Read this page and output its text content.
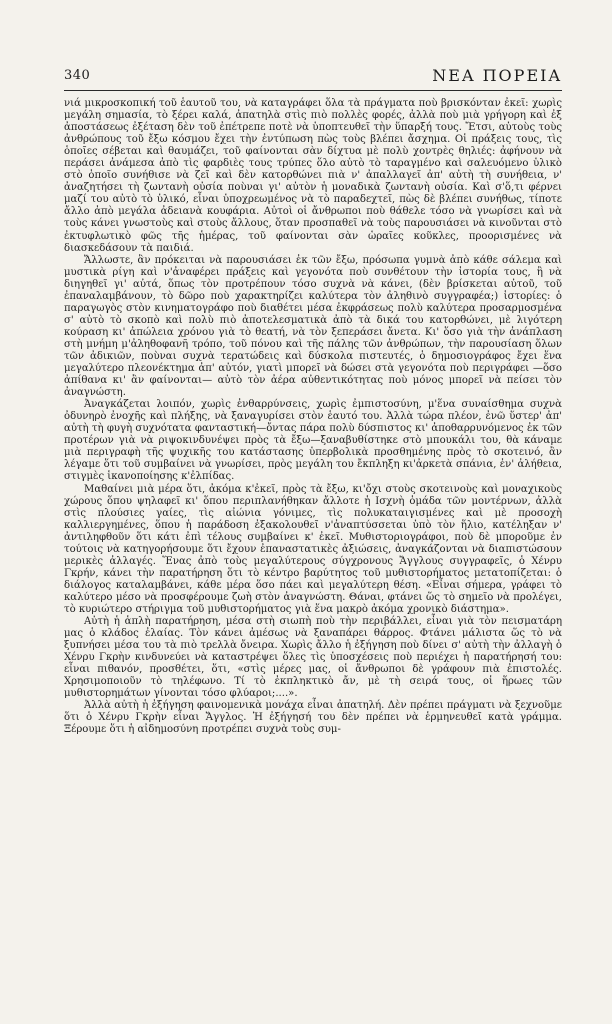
340	ΝΕΑ ΠΟΡΕΙΑ

νιά μικροσκοπική τοῦ ἑαυτοῦ του, νὰ καταγράφει ὅλα τὰ πράγματα ποὺ βρισκόνταν ἐκεῖ: χωρὶς μεγάλη σημασία, τὸ ξέρει καλά, ἀπατηλὰ στὶς πιὸ πολλὲς φορές, ἀλλὰ ποὺ μιὰ γρήγορη καὶ ἐξ ἀποστάσεως ἐξέταση δὲν τοῦ ἐπέτρεπε ποτὲ νὰ ὑποπτευθεῖ τὴν ὕπαρξή τους. Ἔτσι, αὐτοὺς τοὺς ἀνθρώπους τοῦ ἔξω κόσμου ἔχει τὴν ἐντύπωση πὼς τοὺς βλέπει ἄσχημα. Οἱ πράξεις τους, τὶς ὁποῖες σέβεται καὶ θαυμάζει, τοῦ φαίνονται σὰν δίχτυα μὲ πολὺ χοντρὲς θηλιές: ἀφήνουν νὰ περάσει ἀνάμεσα ἀπὸ τὶς φαρδιὲς τους τρύπες ὅλο αὐτὸ τὸ ταραγμένο καὶ σαλευόμενο ὑλικὸ στὸ ὁποῖο συνήθισε νὰ ζεῖ καὶ δὲν κατορθώνει πιὰ ν' ἀπαλλαγεῖ ἀπ' αὐτὴ τὴ συνήθεια, ν' ἀναζητήσει τὴ ζωντανὴ οὐσία ποὺναι γι' αὐτὸν ἡ μοναδικὰ ζωντανὴ οὐσία. Καὶ σ'ὅ,τι φέρνει μαζί του αὐτὸ τὸ ὑλικό, εἶναι ὑποχρεωμένος νὰ τὸ παραδεχτεῖ, πὼς δὲ βλέπει συνήθως, τίποτε ἄλλο ἀπὸ μεγάλα ἀδειανὰ κουφάρια. Αὐτοὶ οἱ ἄνθρωποι ποὺ θάθελε τόσο νὰ γνωρίσει καὶ νὰ τοὺς κάνει γνωστοὺς καὶ στοὺς ἄλλους, ὅταν προσπαθεῖ νὰ τοὺς παρουσιάσει νὰ κινοῦνται στὸ ἐκτυφλωτικὸ φῶς τῆς ἡμέρας, τοῦ φαίνονται σὰν ὡραῖες κοῦκλες, προορισμένες νὰ διασκεδάσουν τὰ παιδιά.

Ἄλλωστε, ἂν πρόκειται νὰ παρουσιάσει ἐκ τῶν ἔξω, πρόσωπα γυμνὰ ἀπὸ κάθε σάλεμα καὶ μυστικὰ ρίγη καὶ ν'ἀναφέρει πράξεις καὶ γεγονότα ποὺ συνθέτουν τὴν ἱστορία τους, ἢ νὰ διηγηθεῖ γι' αὐτά, ὅπως τὸν προτρέπουν τόσο συχνὰ νὰ κάνει, (δὲν βρίσκεται αὐτοῦ, τοῦ ἐπαναλαμβάνουν, τὸ δῶρο ποὺ χαρακτηρίζει καλύτερα τὸν ἀληθινὸ συγγραφέα;) ἱστορίες: ὁ παραγωγὸς στὸν κινηματογράφο ποὺ διαθέτει μέσα ἐκφράσεως πολὺ καλύτερα προσαρμοσμένα σ' αὐτὸ τὸ σκοπὸ καὶ πολὺ πιὸ ἀποτελεσματικὰ ἀπὸ τὰ δικά του κατορθώνει, μὲ λιγότερη κούραση κι' ἀπώλεια χρόνου γιὰ τὸ θεατή, νὰ τὸν ξεπεράσει ἄνετα. Κι' ὅσο γιὰ τὴν ἀνάπλαση στὴ μνήμη μ'ἀληθοφανῆ τρόπο, τοῦ πόνου καὶ τῆς πάλης τῶν ἀνθρώπων, τὴν παρουσίαση ὅλων τῶν ἀδικιῶν, ποὺναι συχνὰ τερατώδεις καὶ δύσκολα πιστευτές, ὁ δημοσιογράφος ἔχει ἕνα μεγαλύτερο πλεονέκτημα ἀπ' αὐτόν, γιατὶ μπορεῖ νὰ δώσει στὰ γεγονότα ποὺ περιγράφει —ὅσο ἀπίθανα κι' ἂν φαίνονται— αὐτὸ τὸν ἀέρα αὐθεντικότητας ποὺ μόνος μπορεῖ νὰ πείσει τὸν ἀναγνώστη.

Ἀναγκάζεται λοιπόν, χωρὶς ἐνθαρρύνσεις, χωρὶς ἐμπιστοσύνη, μ'ἕνα συναίσθημα συχνὰ ὀδυνηρὸ ἐνοχῆς καὶ πλήξης, νὰ ξαναγυρίσει στὸν ἑαυτό του. Ἀλλὰ τώρα πλέον, ἐνῶ ὕστερ' ἀπ' αὐτὴ τὴ φυγὴ συχνότατα φανταστική—ὄντας πάρα πολὺ δύσπιστος κι' ἀποθαρρυνόμενος ἐκ τῶν προτέρων γιὰ νὰ ριψοκινδυνέψει πρὸς τὰ ἔξω—ξαναβυθίστηκε στὸ μπουκάλι του, θὰ κάναμε μιὰ περιγραφὴ τῆς ψυχικῆς του κατάστασης ὑπερβολικὰ προσθημένης πρὸς τὸ σκοτεινό, ἂν λέγαμε ὅτι τοῦ συμβαίνει νὰ γνωρίσει, πρὸς μεγάλη του ἔκπληξη κι'ἀρκετὰ σπάνια, ἐν' ἀλήθεια, στιγμὲς ἱκανοποίησης κ'ἐλπίδας.

Μαθαίνει μιὰ μέρα ὅτι, ἀκόμα κ'ἐκεῖ, πρὸς τὰ ἔξω, κι'ὄχι στοὺς σκοτεινοὺς καὶ μοναχικοὺς χώρους ὅπου ψηλαφεῖ κι' ὅπου περιπλανήθηκαν ἄλλοτε ἡ Ισχνὴ ὁμάδα τῶν μοντέρνων, ἀλλὰ στὶς πλούσιες γαίες, τὶς αἰώνια γόνιμες, τὶς πολυκαταιγισμένες καὶ μὲ προσοχὴ καλλιεργημένες, ὅπου ἡ παράδοση ἐξακολουθεῖ ν'ἀναπτύσσεται ὑπὸ τὸν ἥλιο, κατέληξαν ν' ἀντιληφθοῦν ὅτι κάτι ἐπὶ τέλους συμβαίνει κ' ἐκεῖ. Μυθιστοριογράφοι, ποὺ δὲ μποροῦμε ἐν τούτοις νὰ κατηγορήσουμε ὅτι ἔχουν ἐπαναστατικὲς ἀξιώσεις, ἀναγκάζονται νὰ διαπιστώσουν μερικὲς ἀλλαγές. Ἕνας ἀπὸ τοὺς μεγαλύτερους σύγχρονους Ἄγγλους συγγραφεῖς, ὁ Χένρυ Γκρήν, κάνει τὴν παρατήρηση ὅτι τὸ κέντρο βαρύτητος τοῦ μυθιστορήματος μετατοπίζεται: ὁ διάλογος καταλαμβάνει, κάθε μέρα ὅσο πάει καὶ μεγαλύτερη θέση. «Εἶναι σήμερα, γράφει τὸ καλύτερο μέσο νὰ προσφέρουμε ζωὴ στὸν ἀναγνώστη. Θάναι, φτάνει ὥς τὸ σημεῖο νὰ προλέγει, τὸ κυριώτερο στήριγμα τοῦ μυθιστορήματος γιὰ ἕνα μακρὸ ἀκόμα χρονικὸ διάστημα».

Αὐτὴ ἡ ἁπλὴ παρατήρηση, μέσα στὴ σιωπὴ ποὺ τὴν περιβάλλει, εἶναι γιὰ τὸν πεισματάρη μας ὁ κλάδος ἐλαίας. Τὸν κάνει ἀμέσως νὰ ξαναπάρει θάρρος. Φτάνει μάλιστα ὥς τὸ νὰ ξυπνήσει μέσα του τὰ πιὸ τρελλὰ ὄνειρα. Χωρὶς ἄλλο ἡ ἐξήγηση ποὺ δίνει σ' αὐτὴ τὴν ἀλλαγὴ ὁ Χένρυ Γκρὴν κινδυνεύει νὰ καταστρέψει ὅλες τὶς ὑποσχέσεις ποὺ περιέχει ἡ παρατήρησή του: εἶναι πιθανόν, προσθέτει, ὅτι, «στὶς μέρες μας, οἱ ἄνθρωποι δὲ γράφουν πιὰ ἐπιστολές. Χρησιμοποιοῦν τὸ τηλέφωνο. Τί τὸ ἐκπληκτικὸ ἄν, μὲ τὴ σειρά τους, οἱ ἥρωες τῶν μυθιστορημάτων γίνονται τόσο φλύαροι;....».

Ἀλλὰ αὐτὴ ἡ ἐξήγηση φαινομενικὰ μονάχα εἶναι ἀπατηλή. Δὲν πρέπει πράγματι νὰ ξεχνοῦμε ὅτι ὁ Χένρυ Γκρὴν εἶναι Ἄγγλος. Ἡ ἐξήγησή του δὲν πρέπει νὰ ἑρμηνευθεῖ κατὰ γράμμα. Ξέρουμε ὅτι ἡ αἰδημοσύνη προτρέπει συχνὰ τοὺς συμ-
